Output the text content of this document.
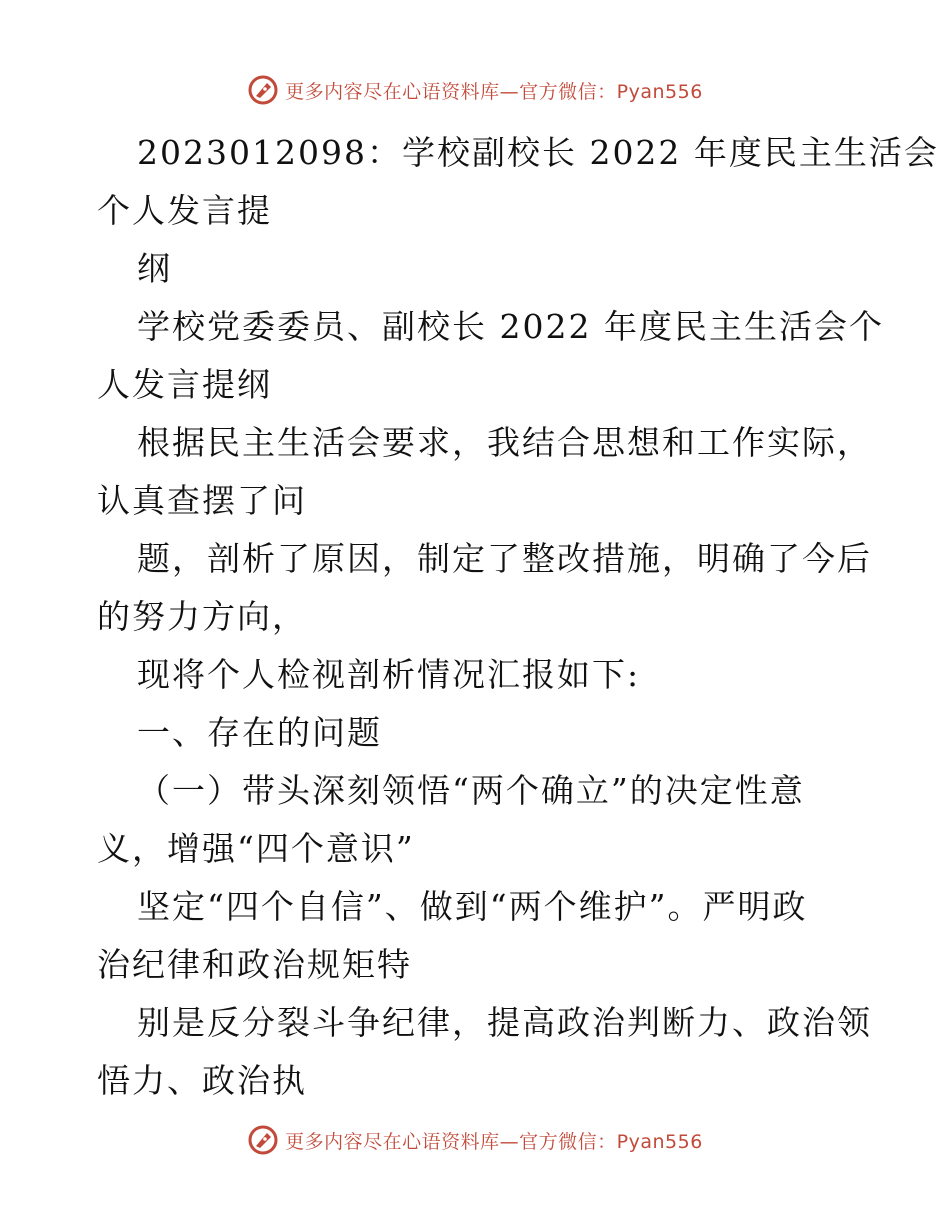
更多内容尽在心语资料库—官方微信：Pyan556
2023012098：学校副校长 2022 年度民主生活会
个人发言提
纲
学校党委委员、副校长 2022 年度民主生活会个
人发言提纲
根据民主生活会要求，我结合思想和工作实际，
认真查摆了问
题，剖析了原因，制定了整改措施，明确了今后
的努力方向，
现将个人检视剖析情况汇报如下:
一、存在的问题
（一）带头深刻领悟“两个确立”的决定性意
义，增强“四个意识”
坚定“四个自信”、做到“两个维护”。严明政
治纪律和政治规矩特
别是反分裂斗争纪律，提高政治判断力、政治领
悟力、政治执
更多内容尽在心语资料库—官方微信：Pyan556
